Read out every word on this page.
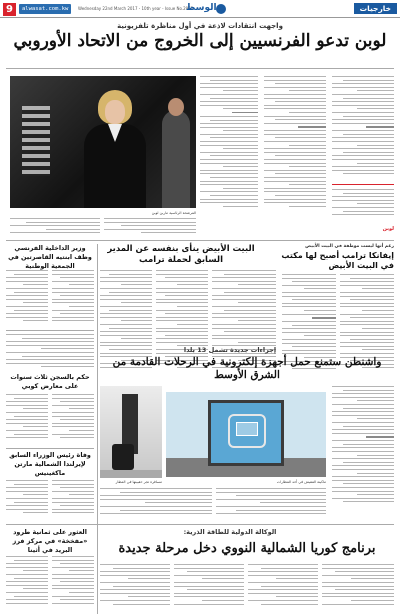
9	alwasat.com.kw	Wednesday 22nd March 2017 - 10th year - Issue No.2952
الوسط	خارجيات
واجهت انتقادات لاذعة في أول مناظرة تلفزيونية
لوبن تدعو الفرنسيين إلى الخروج من الاتحاد الأوروبي
المرشحة الرئاسية مارين لوبن
لوبن
رغم أنها ليست موظفة في البيت الأبيض
إيفانكا ترامب أصبح لها مكتب في البيت الأبيض
البيت الأبيض ينأى بنفسه عن المدير السابق لحملة ترامب
وزير الداخلية الفرنسي وظف ابنتيه القاصرتين في الجمعية الوطنية
حكم بالسجن ثلاث سنوات على معارض كوبي
وفاة رئيس الوزراء السابق لإيرلندا الشمالية مارتن ماكغينيس
إجراءات جديدة تشمل 13 بلدا
واشنطن ستمنع حمل أجهزة إلكترونية في الرحلات القادمة من الشرق الأوسط
ماكينة التفتيش في أحد المطارات
مسافرة تجر حقيبتها في المطار
العثور على ثمانية طرود «مفخخة» في مركز فرز البريد في أثينا
الوكالة الدولية للطاقة الذرية:
برنامج كوريا الشمالية النووي دخل مرحلة جديدة
